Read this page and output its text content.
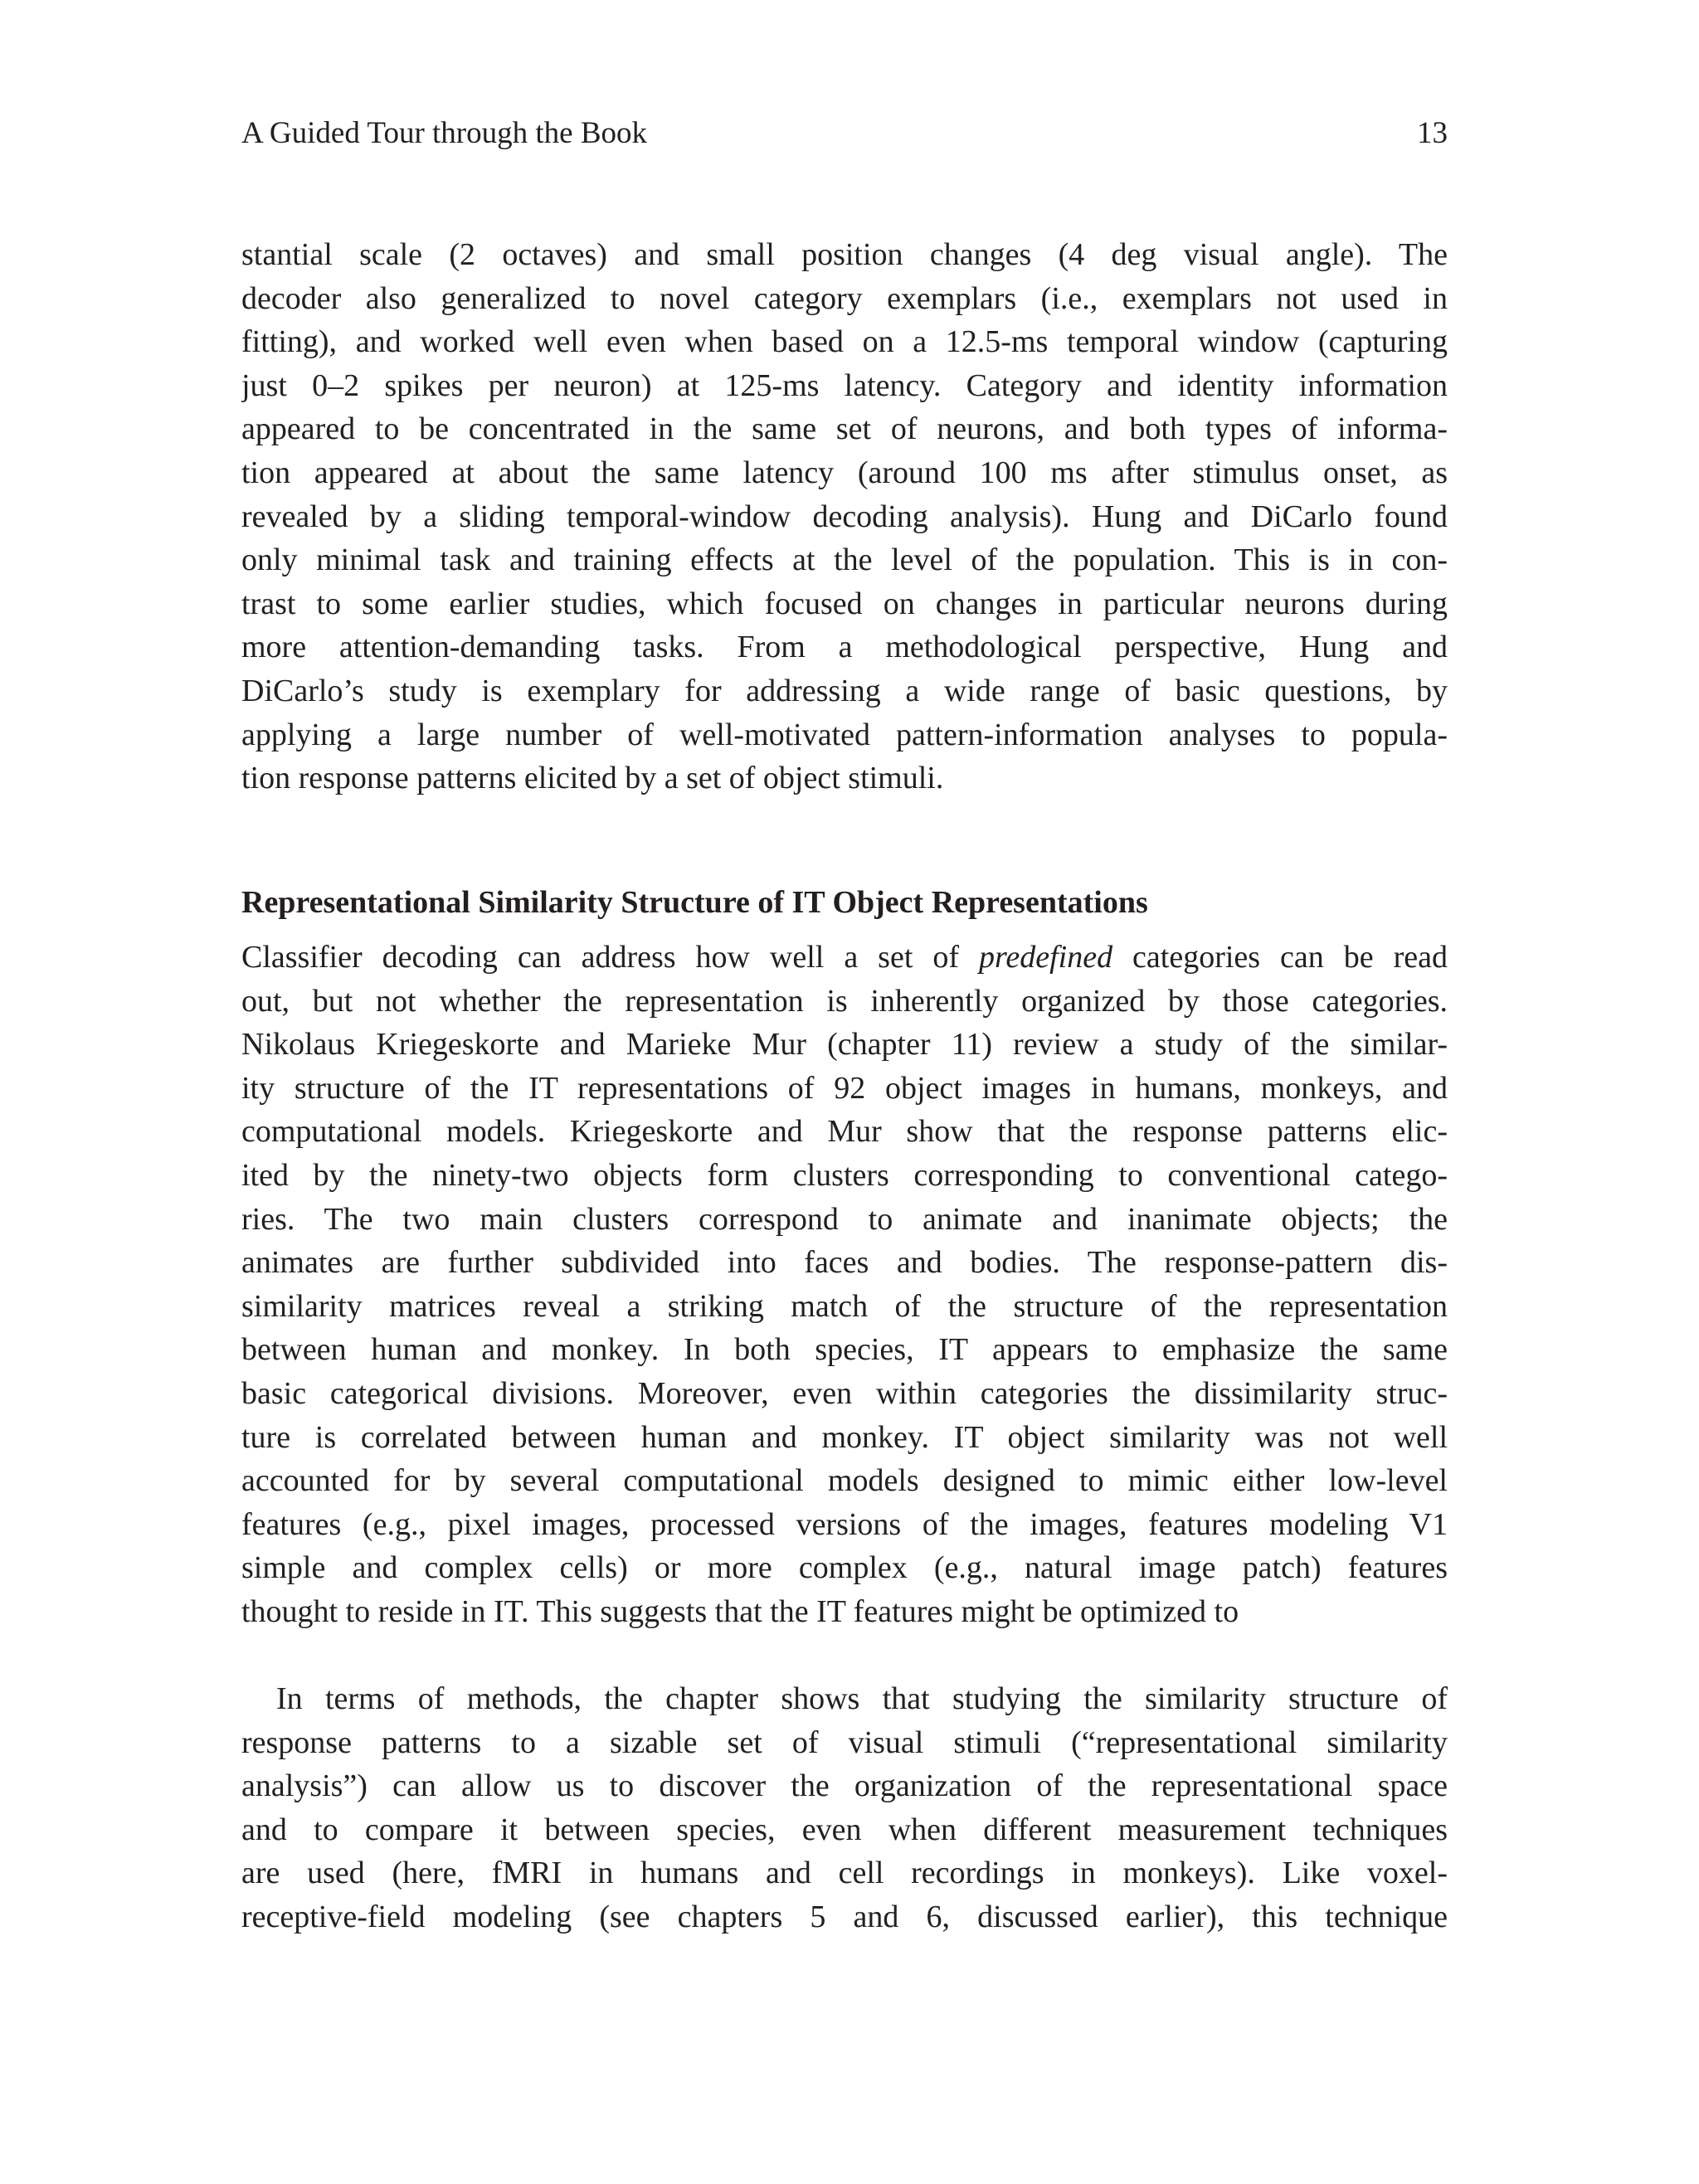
A Guided Tour through the Book	13
stantial scale (2 octaves) and small position changes (4 deg visual angle). The
decoder also generalized to novel category exemplars (i.e., exemplars not used in
fitting), and worked well even when based on a 12.5-ms temporal window (capturing
just 0–2 spikes per neuron) at 125-ms latency. Category and identity information
appeared to be concentrated in the same set of neurons, and both types of informa-
tion appeared at about the same latency (around 100 ms after stimulus onset, as
revealed by a sliding temporal-window decoding analysis). Hung and DiCarlo found
only minimal task and training effects at the level of the population. This is in con-
trast to some earlier studies, which focused on changes in particular neurons during
more attention-demanding tasks. From a methodological perspective, Hung and
DiCarlo’s study is exemplary for addressing a wide range of basic questions, by
applying a large number of well-motivated pattern-information analyses to popula-
tion response patterns elicited by a set of object stimuli.
Representational Similarity Structure of IT Object Representations
Classifier decoding can address how well a set of predefined categories can be read
out, but not whether the representation is inherently organized by those categories.
Nikolaus Kriegeskorte and Marieke Mur (chapter 11) review a study of the similar-
ity structure of the IT representations of 92 object images in humans, monkeys, and
computational models. Kriegeskorte and Mur show that the response patterns elic-
ited by the ninety-two objects form clusters corresponding to conventional catego-
ries. The two main clusters correspond to animate and inanimate objects; the
animates are further subdivided into faces and bodies. The response-pattern dis-
similarity matrices reveal a striking match of the structure of the representation
between human and monkey. In both species, IT appears to emphasize the same
basic categorical divisions. Moreover, even within categories the dissimilarity struc-
ture is correlated between human and monkey. IT object similarity was not well
accounted for by several computational models designed to mimic either low-level
features (e.g., pixel images, processed versions of the images, features modeling V1
simple and complex cells) or more complex (e.g., natural image patch) features
thought to reside in IT. This suggests that the IT features might be optimized to
In terms of methods, the chapter shows that studying the similarity structure of
response patterns to a sizable set of visual stimuli (“representational similarity
analysis”) can allow us to discover the organization of the representational space
and to compare it between species, even when different measurement techniques
are used (here, fMRI in humans and cell recordings in monkeys). Like voxel-
receptive-field modeling (see chapters 5 and 6, discussed earlier), this technique
